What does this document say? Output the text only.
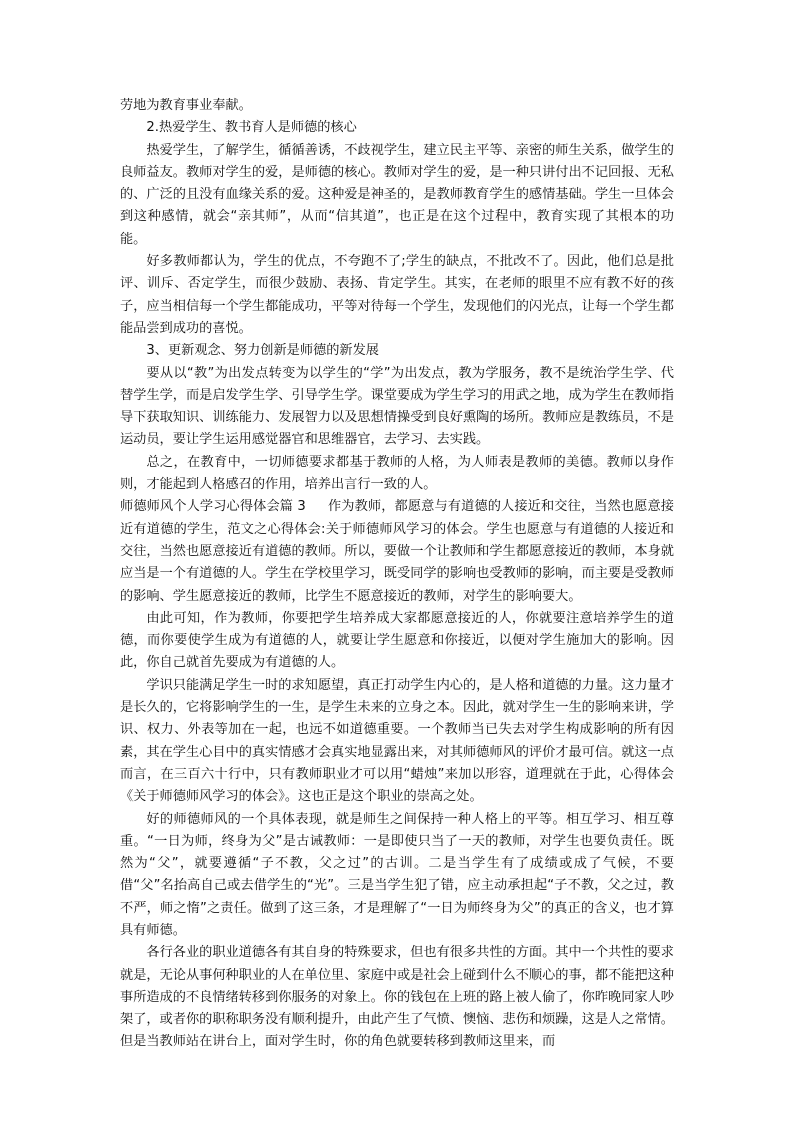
劳地为教育事业奉献。

2.热爱学生、教书育人是师德的核心

热爱学生，了解学生，循循善诱，不歧视学生，建立民主平等、亲密的师生关系，做学生的良师益友。教师对学生的爱，是师德的核心。教师对学生的爱，是一种只讲付出不记回报、无私的、广泛的且没有血缘关系的爱。这种爱是神圣的，是教师教育学生的感情基础。学生一旦体会到这种感情，就会“亲其师”，从而“信其道”，也正是在这个过程中，教育实现了其根本的功能。

好多教师都认为，学生的优点，不夸跑不了;学生的缺点，不批改不了。因此，他们总是批评、训斥、否定学生，而很少鼓励、表扬、肯定学生。其实，在老师的眼里不应有教不好的孩子，应当相信每一个学生都能成功，平等对待每一个学生，发现他们的闪光点，让每一个学生都能品尝到成功的喜悦。

3、更新观念、努力创新是师德的新发展

要从以“教”为出发点转变为以学生的“学”为出发点，教为学服务，教不是统治学生学、代替学生学，而是启发学生学、引导学生学。课堂要成为学生学习的用武之地，成为学生在教师指导下获取知识、训练能力、发展智力以及思想情操受到良好熏陶的场所。教师应是教练员，不是运动员，要让学生运用感觉器官和思维器官，去学习、去实践。

总之，在教育中，一切师德要求都基于教师的人格，为人师表是教师的美德。教师以身作则，才能起到人格感召的作用，培养出言行一致的人。

师德师风个人学习心得体会篇 3 作为教师，都愿意与有道德的人接近和交往，当然也愿意接近有道德的学生，范文之心得体会:关于师德师风学习的体会。学生也愿意与有道德的人接近和交往，当然也愿意接近有道德的教师。所以，要做一个让教师和学生都愿意接近的教师，本身就应当是一个有道德的人。学生在学校里学习，既受同学的影响也受教师的影响，而主要是受教师的影响、学生愿意接近的教师，比学生不愿意接近的教师，对学生的影响要大。

由此可知，作为教师，你要把学生培养成大家都愿意接近的人，你就要注意培养学生的道德，而你要使学生成为有道德的人，就要让学生愿意和你接近，以便对学生施加大的影响。因此，你自己就首先要成为有道德的人。

学识只能满足学生一时的求知愿望，真正打动学生内心的，是人格和道德的力量。这力量才是长久的，它将影响学生的一生，是学生未来的立身之本。因此，就对学生一生的影响来讲，学识、权力、外表等加在一起，也远不如道德重要。一个教师当已失去对学生构成影响的所有因素，其在学生心目中的真实情感才会真实地显露出来，对其师德师风的评价才最可信。就这一点而言，在三百六十行中，只有教师职业才可以用“蜡烛”来加以形容，道理就在于此，心得体会《关于师德师风学习的体会》。这也正是这个职业的崇高之处。

好的师德师风的一个具体表现，就是师生之间保持一种人格上的平等。相互学习、相互尊重。“一日为师，终身为父”是古诫教师：一是即使只当了一天的教师，对学生也要负责任。既然为“父”，就要遵循“子不教，父之过”的古训。二是当学生有了成绩或成了气候，不要借“父”名抬高自己或去借学生的“光”。三是当学生犯了错，应主动承担起“子不教，父之过，教不严，师之惰”之责任。做到了这三条，才是理解了“一日为师终身为父”的真正的含义，也才算具有师德。

各行各业的职业道德各有其自身的特殊要求，但也有很多共性的方面。其中一个共性的要求就是，无论从事何种职业的人在单位里、家庭中或是社会上碰到什么不顺心的事，都不能把这种事所造成的不良情绪转移到你服务的对象上。你的钱包在上班的路上被人偷了，你昨晚同家人吵架了，或者你的职称职务没有顺利提升，由此产生了气愤、懊恼、悲伤和烦躁，这是人之常情。但是当教师站在讲台上，面对学生时，你的角色就要转移到教师这里来，而
